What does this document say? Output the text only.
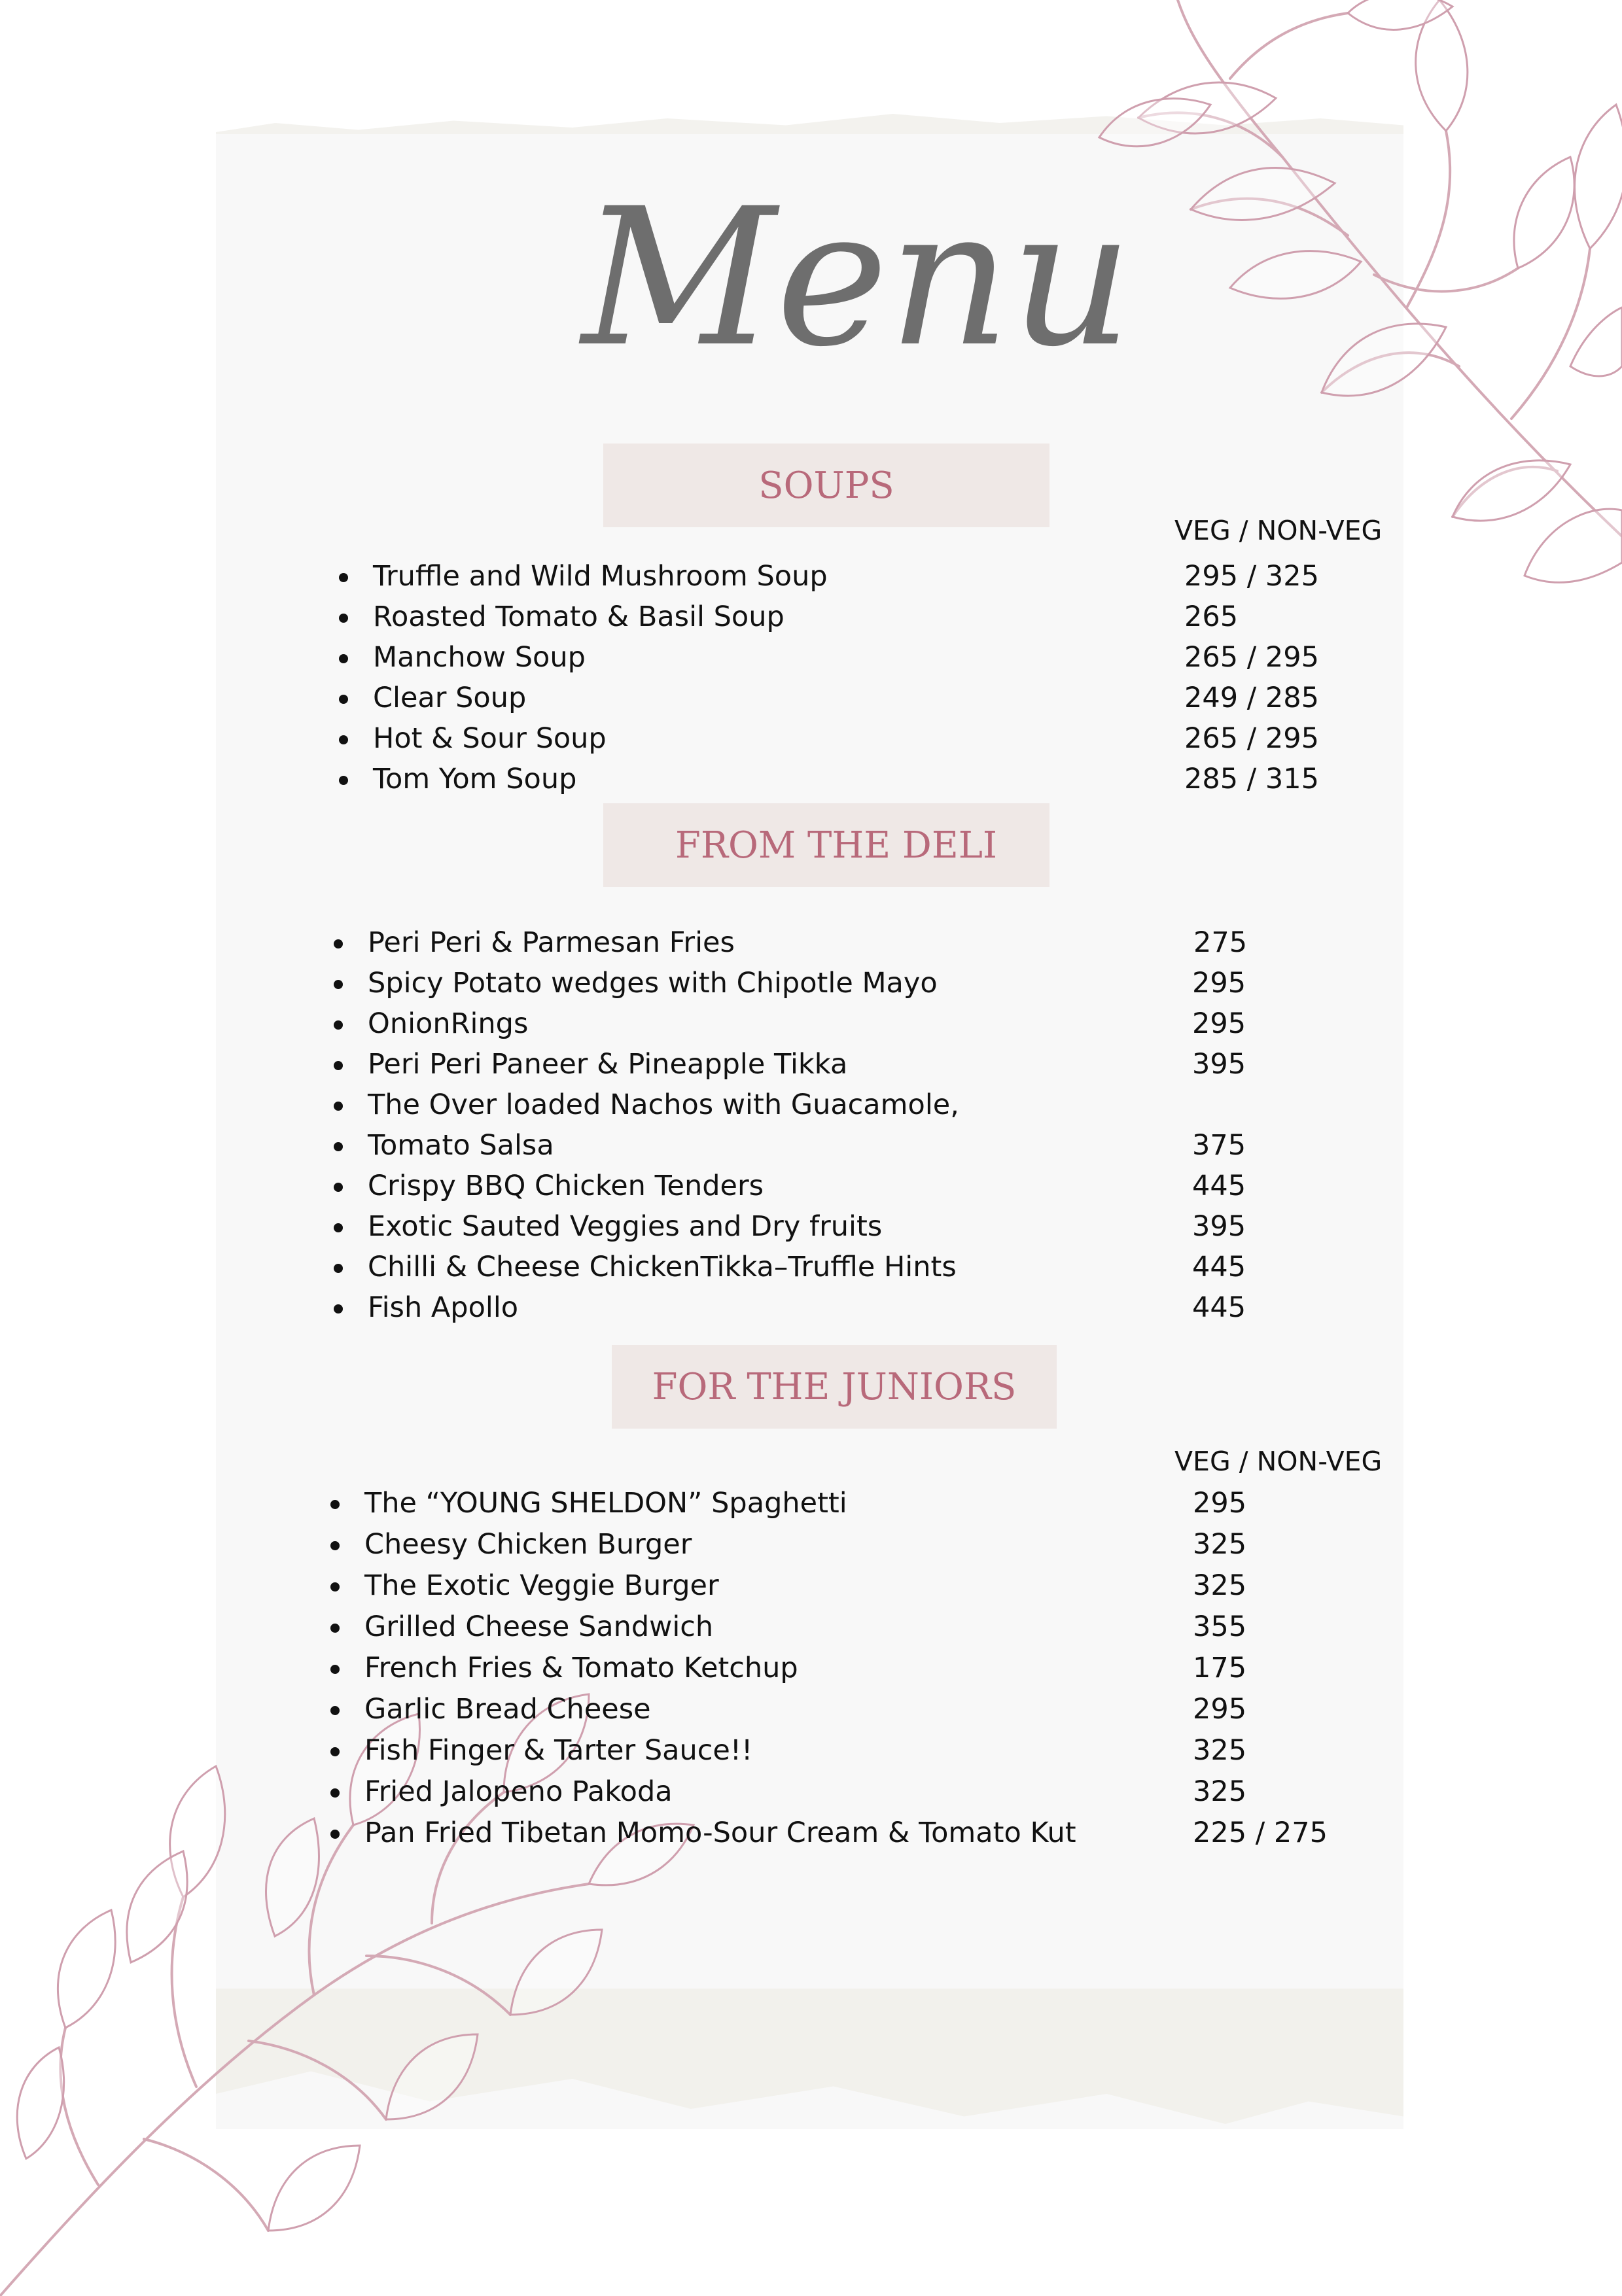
Menu
SOUPS
VEG / NON-VEG
Truffle and Wild Mushroom Soup	295 / 325
Roasted Tomato & Basil Soup	265
Manchow Soup	265 / 295
Clear Soup	249 / 285
Hot & Sour Soup	265 / 295
Tom Yom Soup	285 / 315
FROM THE DELI
Peri Peri & Parmesan Fries	275
Spicy Potato wedges with Chipotle Mayo	295
OnionRings	295
Peri Peri Paneer & Pineapple Tikka	395
The Over loaded Nachos with Guacamole,
Tomato Salsa	375
Crispy BBQ Chicken Tenders	445
Exotic Sauted Veggies and Dry fruits	395
Chilli & Cheese ChickenTikka–Truffle Hints	445
Fish Apollo	445
FOR THE JUNIORS
VEG / NON-VEG
The “YOUNG SHELDON” Spaghetti	295
Cheesy Chicken Burger	325
The Exotic Veggie Burger	325
Grilled Cheese Sandwich	355
French Fries & Tomato Ketchup	175
Garlic Bread Cheese	295
Fish Finger & Tarter Sauce!!	325
Fried Jalopeno Pakoda	325
Pan Fried Tibetan Momo-Sour Cream & Tomato Kut	225 / 275
